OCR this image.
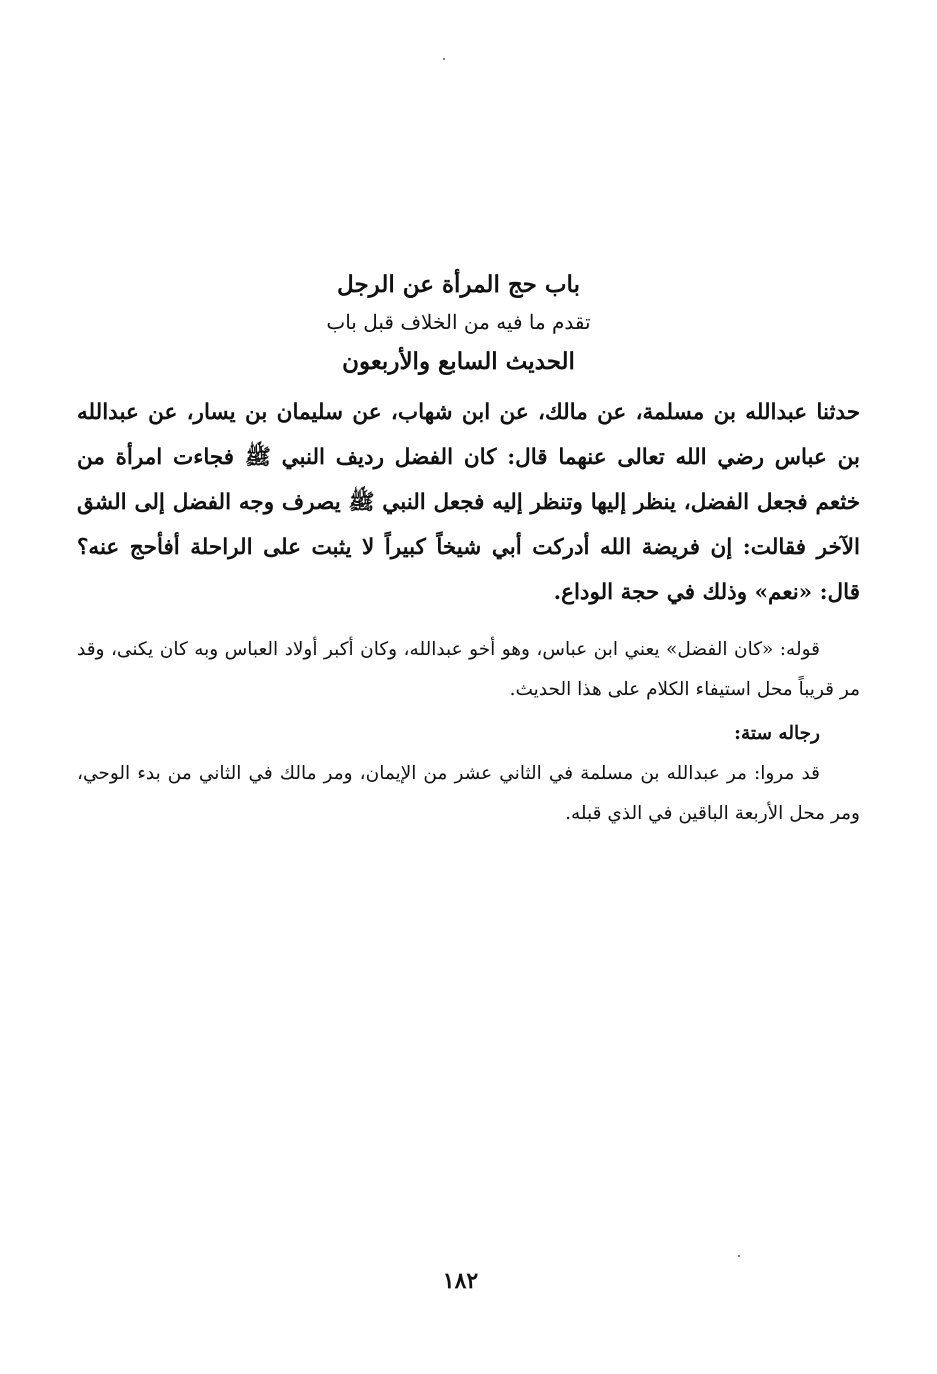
باب حج المرأة عن الرجل

تقدم ما فيه من الخلاف قبل باب

الحديث السابع والأربعون

حدثنا عبدالله بن مسلمة، عن مالك، عن ابن شهاب، عن سليمان بن يسار، عن عبدالله بن عباس رضي الله تعالى عنهما قال: كان الفضل رديف النبي ﷺ فجاءت امرأة من خثعم فجعل الفضل، ينظر إليها وتنظر إليه فجعل النبي ﷺ يصرف وجه الفضل إلى الشق الآخر فقالت: إن فريضة الله أدركت أبي شيخاً كبيراً لا يثبت على الراحلة أفأحج عنه؟ قال: «نعم» وذلك في حجة الوداع.

قوله: «كان الفضل» يعني ابن عباس، وهو أخو عبدالله، وكان أكبر أولاد العباس وبه كان يكنى، وقد مر قريباً محل استيفاء الكلام على هذا الحديث.

رجاله ستة:

قد مروا: مر عبدالله بن مسلمة في الثاني عشر من الإيمان، ومر مالك في الثاني من بدء الوحي، ومر محل الأربعة الباقين في الذي قبله.

١٨٢
